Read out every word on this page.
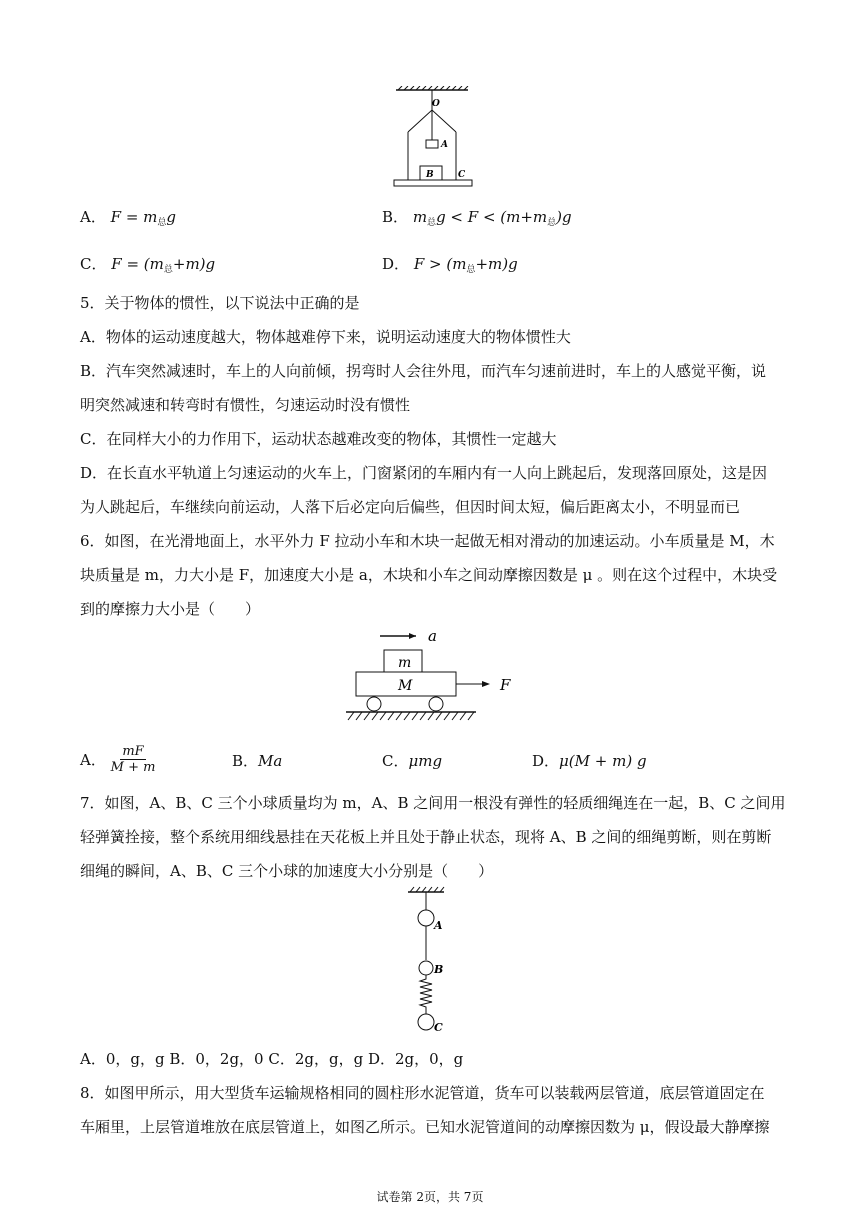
O
A
B	C
A． $F = m_总g$	B． $m_总g < F < (m+m_总)g$
C． $F = (m_总+m)g$	D． $F > (m_总+m)g$
5．关于物体的惯性，以下说法中正确的是
A．物体的运动速度越大，物体越难停下来，说明运动速度大的物体惯性大
B．汽车突然减速时，车上的人向前倾，拐弯时人会往外甩，而汽车匀速前进时，车上的人感觉平衡，说
明突然减速和转弯时有惯性，匀速运动时没有惯性
C．在同样大小的力作用下，运动状态越难改变的物体，其惯性一定越大
D．在长直水平轨道上匀速运动的火车上，门窗紧闭的车厢内有一人向上跳起后，发现落回原处，这是因
为人跳起后，车继续向前运动，人落下后必定向后偏些，但因时间太短，偏后距离太小，不明显而已
6．如图，在光滑地面上，水平外力 F 拉动小车和木块一起做无相对滑动的加速运动。小车质量是 M，木
块质量是 m，力大小是 F，加速度大小是 a，木块和小车之间动摩擦因数是 μ 。则在这个过程中，木块受
到的摩擦力大小是（　　）
a
m
M	F
A． $\frac{mF}{M + m}$	B．Ma	C．μmg	D．μ(M + m) g
7．如图，A、B、C 三个小球质量均为 m，A、B 之间用一根没有弹性的轻质细绳连在一起，B、C 之间用
轻弹簧拴接，整个系统用细线悬挂在天花板上并且处于静止状态，现将 A、B 之间的细绳剪断，则在剪断
细绳的瞬间，A、B、C 三个小球的加速度大小分别是（　　）
A
B
C
A．0，g，g B．0，2g，0 C．2g，g，g D．2g，0，g
8．如图甲所示，用大型货车运输规格相同的圆柱形水泥管道，货车可以装载两层管道，底层管道固定在
车厢里，上层管道堆放在底层管道上，如图乙所示。已知水泥管道间的动摩擦因数为 μ，假设最大静摩擦
试卷第 2页，共 7页
